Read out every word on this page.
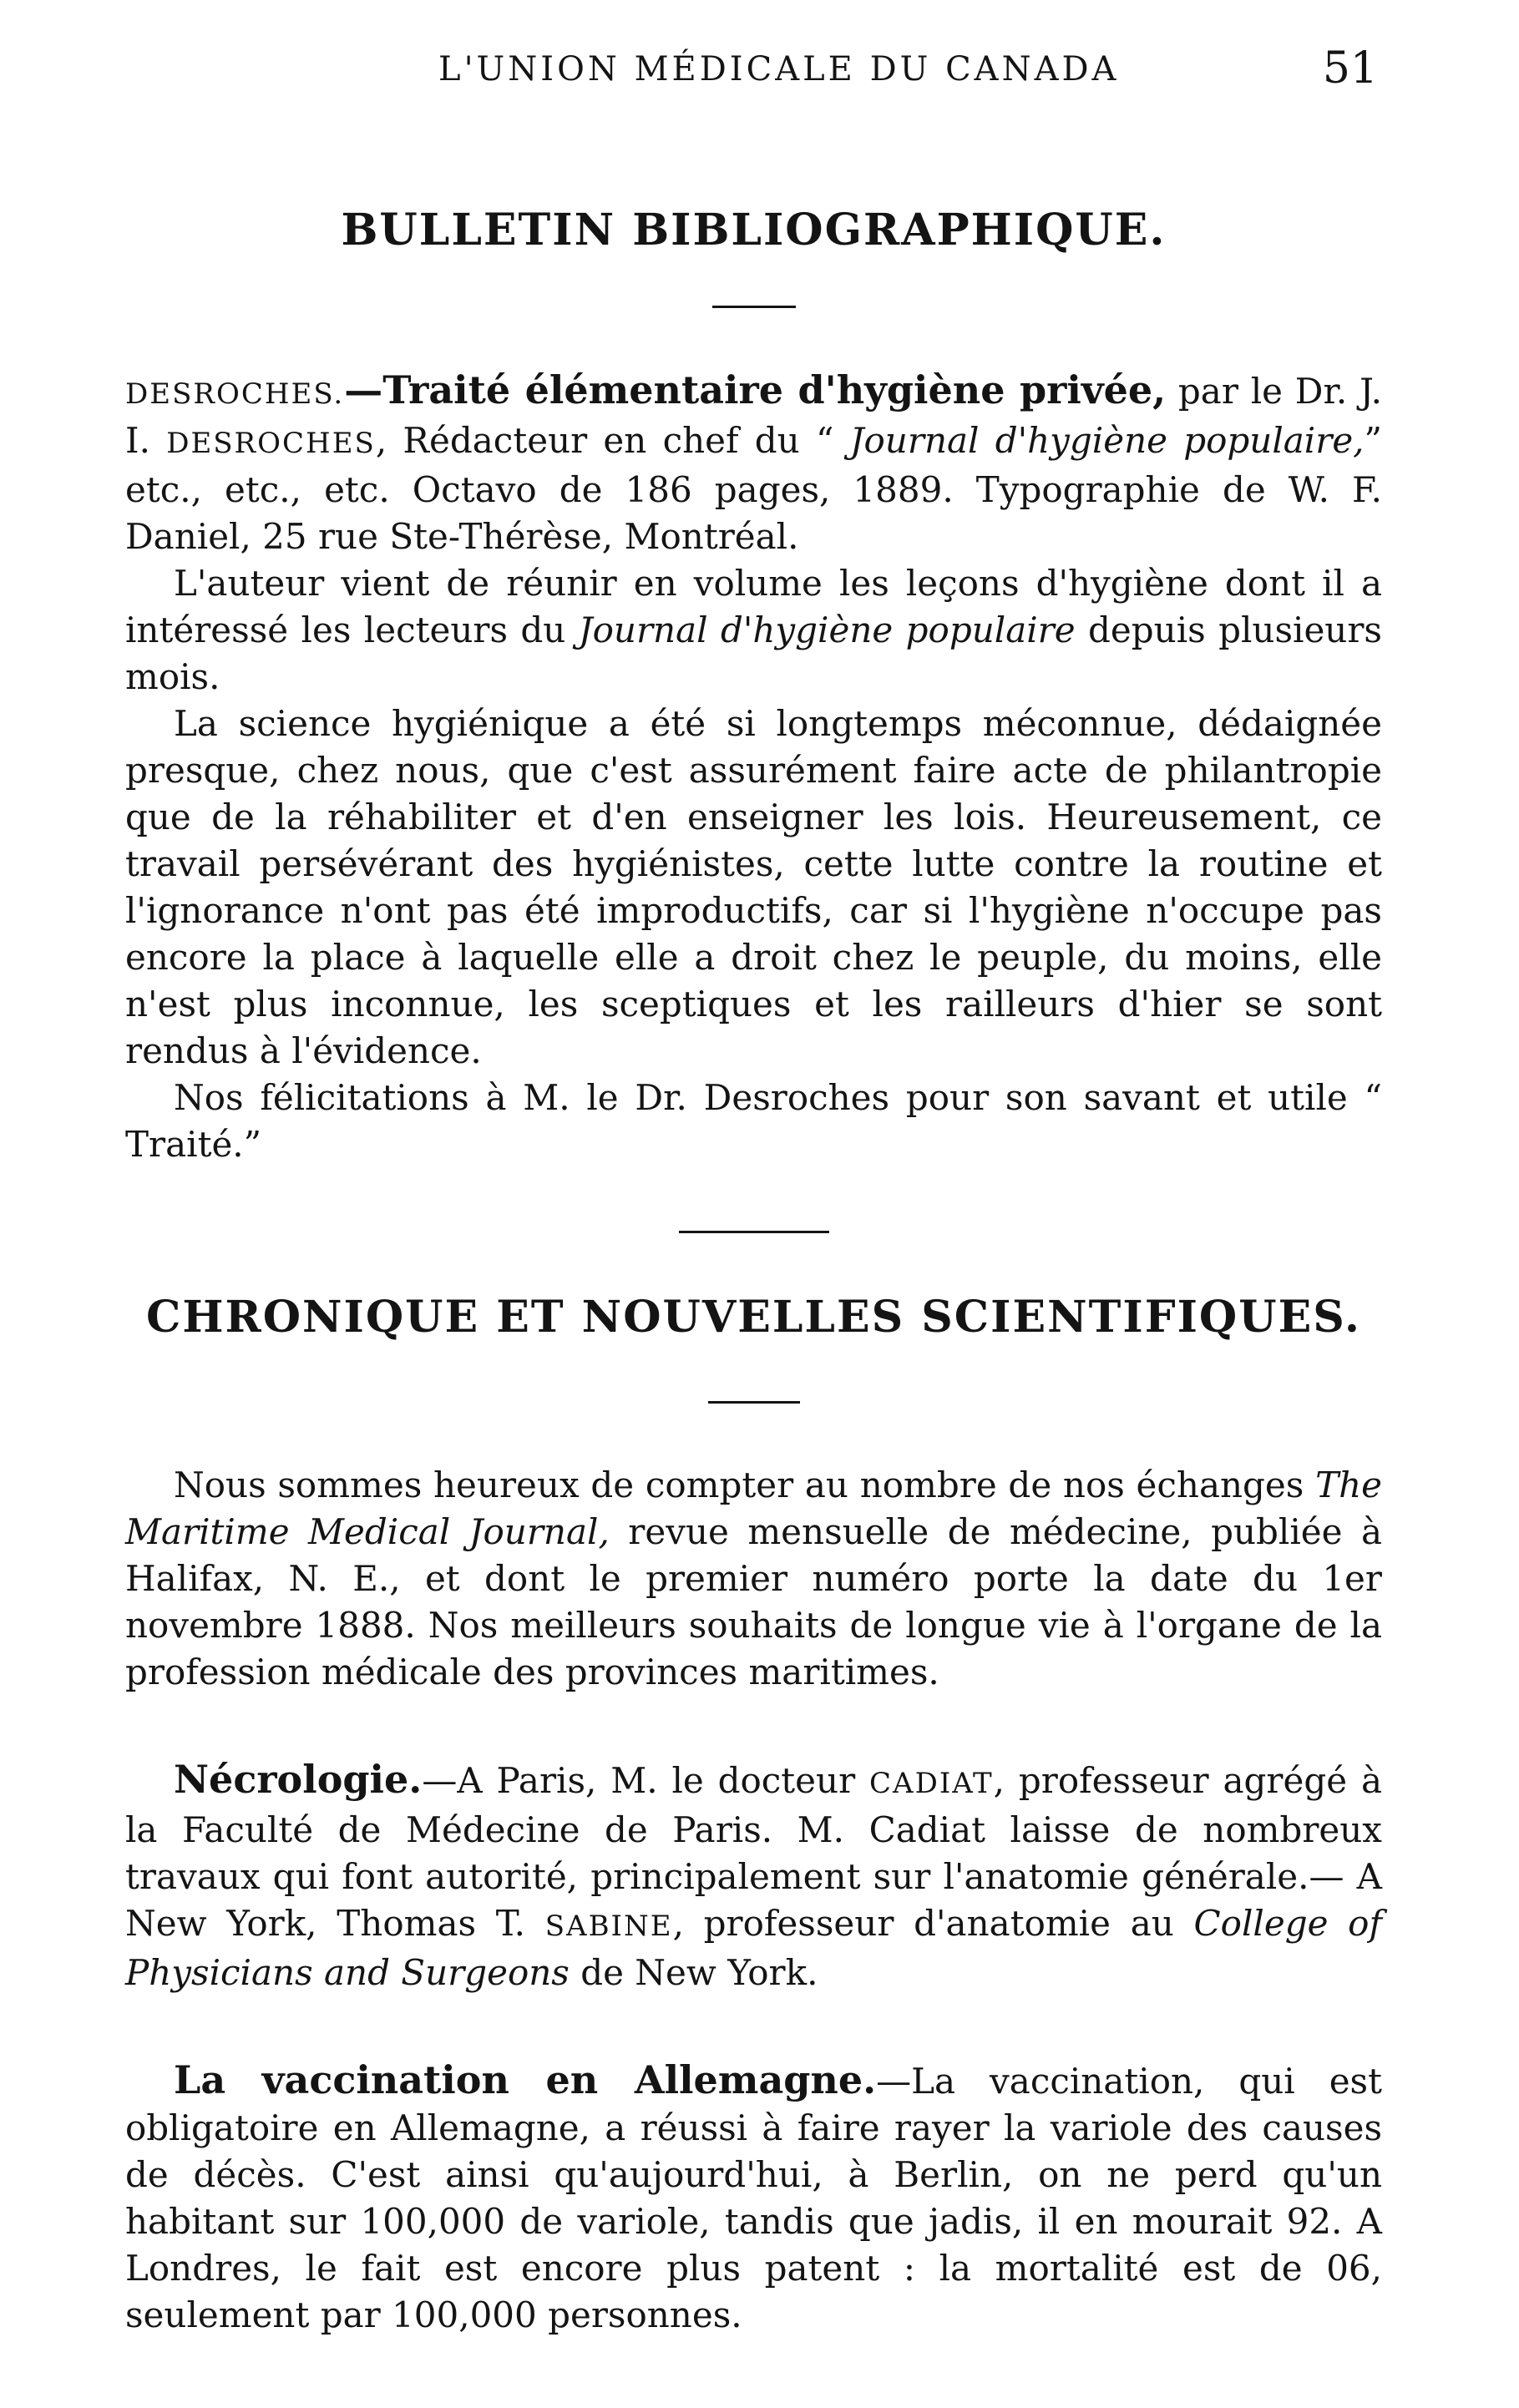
L'UNION MÉDICALE DU CANADA	51
BULLETIN BIBLIOGRAPHIQUE.

DESROCHES.—Traité élémentaire d'hygiène privée, par le Dr. J. I. DESROCHES, Rédacteur en chef du “ Journal d'hygiène populaire,” etc., etc., etc. Octavo de 186 pages, 1889. Typographie de W. F. Daniel, 25 rue Ste-Thérèse, Montréal.

L'auteur vient de réunir en volume les leçons d'hygiène dont il a intéressé les lecteurs du Journal d'hygiène populaire depuis plusieurs mois.

La science hygiénique a été si longtemps méconnue, dédaignée presque, chez nous, que c'est assurément faire acte de philantropie que de la réhabiliter et d'en enseigner les lois. Heureusement, ce travail persévérant des hygiénistes, cette lutte contre la routine et l'ignorance n'ont pas été improductifs, car si l'hygiène n'occupe pas encore la place à laquelle elle a droit chez le peuple, du moins, elle n'est plus inconnue, les sceptiques et les railleurs d'hier se sont rendus à l'évidence.

Nos félicitations à M. le Dr. Desroches pour son savant et utile “ Traité.”

CHRONIQUE ET NOUVELLES SCIENTIFIQUES.

Nous sommes heureux de compter au nombre de nos échanges The Maritime Medical Journal, revue mensuelle de médecine, publiée à Halifax, N. E., et dont le premier numéro porte la date du 1er novembre 1888. Nos meilleurs souhaits de longue vie à l'organe de la profession médicale des provinces maritimes.

Nécrologie.—A Paris, M. le docteur CADIAT, professeur agrégé à la Faculté de Médecine de Paris. M. Cadiat laisse de nombreux travaux qui font autorité, principalement sur l'anatomie générale.— A New York, Thomas T. SABINE, professeur d'anatomie au College of Physicians and Surgeons de New York.

La vaccination en Allemagne.—La vaccination, qui est obligatoire en Allemagne, a réussi à faire rayer la variole des causes de décès. C'est ainsi qu'aujourd'hui, à Berlin, on ne perd qu'un habitant sur 100,000 de variole, tandis que jadis, il en mourait 92. A Londres, le fait est encore plus patent : la mortalité est de 06, seulement par 100,000 personnes.
